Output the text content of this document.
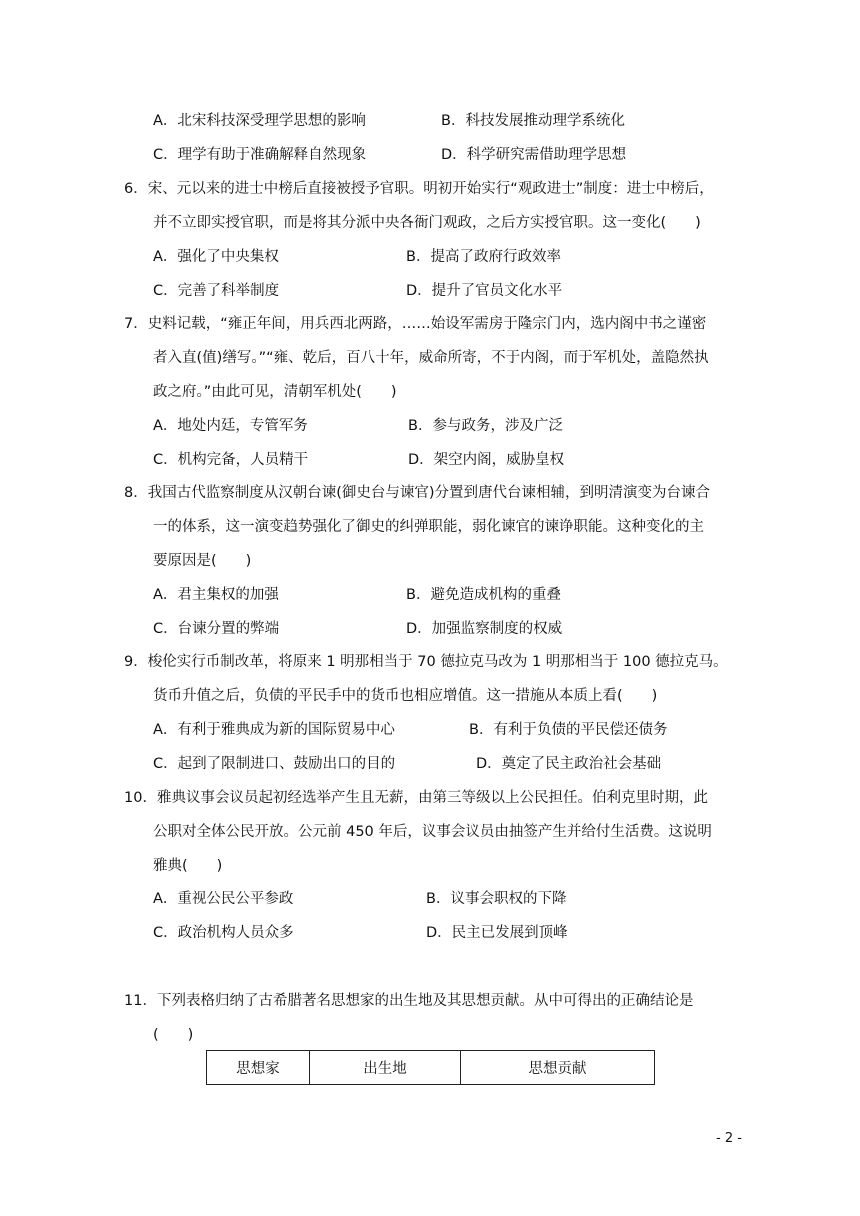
A．北宋科技深受理学思想的影响	B．科技发展推动理学系统化
C．理学有助于准确解释自然现象	D．科学研究需借助理学思想
6．宋、元以来的进士中榜后直接被授予官职。明初开始实行“观政进士”制度：进士中榜后，
并不立即实授官职，而是将其分派中央各衙门观政，之后方实授官职。这一变化(　　)
A．强化了中央集权	B．提高了政府行政效率
C．完善了科举制度	D．提升了官员文化水平
7．史料记载，“雍正年间，用兵西北两路，……始设军需房于隆宗门内，选内阁中书之谨密
者入直(值)缮写。”“雍、乾后，百八十年，威命所寄，不于内阁，而于军机处，盖隐然执
政之府。”由此可见，清朝军机处(　　)
A．地处内廷，专管军务	B．参与政务，涉及广泛
C．机构完备，人员精干	D．架空内阁，威胁皇权
8．我国古代监察制度从汉朝台谏(御史台与谏官)分置到唐代台谏相辅，到明清演变为台谏合
一的体系，这一演变趋势强化了御史的纠弹职能，弱化谏官的谏诤职能。这种变化的主
要原因是(　　)
A．君主集权的加强	B．避免造成机构的重叠
C．台谏分置的弊端	D．加强监察制度的权威
9．梭伦实行币制改革，将原来 1 明那相当于 70 德拉克马改为 1 明那相当于 100 德拉克马。
货币升值之后，负债的平民手中的货币也相应增值。这一措施从本质上看(　　)
A．有利于雅典成为新的国际贸易中心	B．有利于负债的平民偿还债务
C．起到了限制进口、鼓励出口的目的	D．奠定了民主政治社会基础
10．雅典议事会议员起初经选举产生且无薪，由第三等级以上公民担任。伯利克里时期，此
公职对全体公民开放。公元前 450 年后，议事会议员由抽签产生并给付生活费。这说明
雅典(　　)
A．重视公民公平参政	B．议事会职权的下降
C．政治机构人员众多	D．民主已发展到顶峰
11．下列表格归纳了古希腊著名思想家的出生地及其思想贡献。从中可得出的正确结论是
(　　)
思想家	出生地	思想贡献
- 2 -
